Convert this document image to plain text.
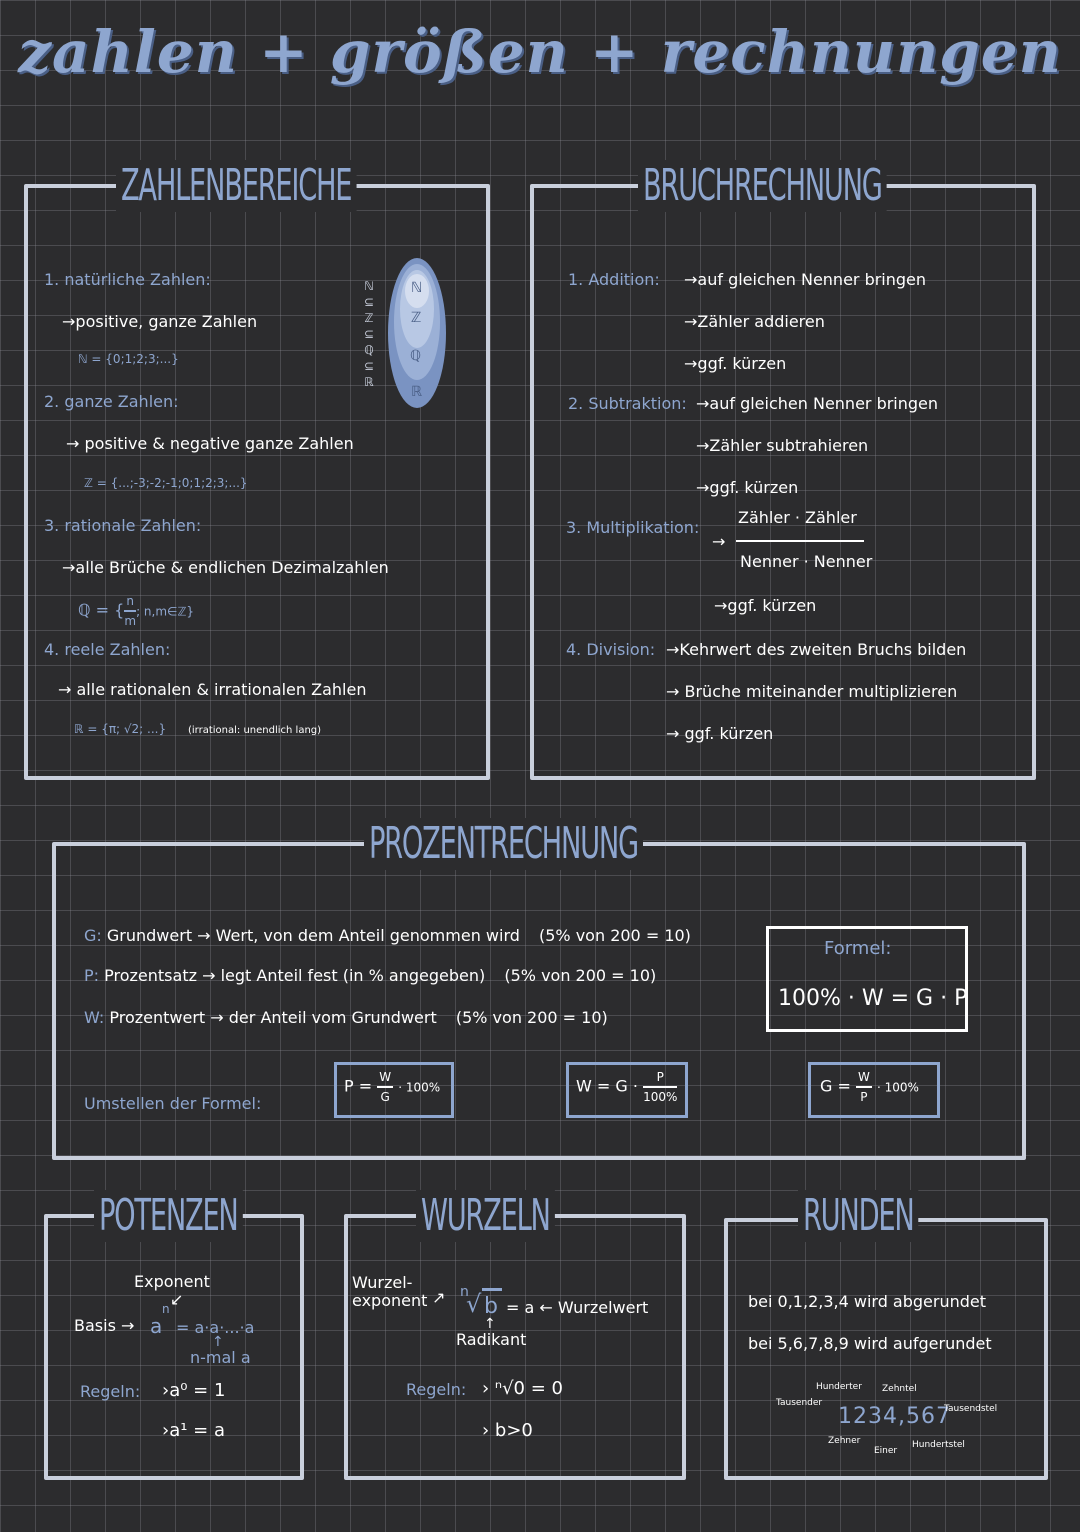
zahlen + größen + rechnungen
ZAHLENBEREICHE
1. natürliche Zahlen:
→positive, ganze Zahlen
ℕ = {0;1;2;3;...}
2. ganze Zahlen:
→ positive & negative ganze Zahlen
ℤ = {...;-3;-2;-1;0;1;2;3;...}
3. rationale Zahlen:
→alle Brüche & endlichen Dezimalzahlen
ℚ = { $\frac{n}{m}$ ; n,m∈ℤ}
4. reele Zahlen:
→ alle rationalen & irrationalen Zahlen
ℝ = {π; √2; ...} (irrational: unendlich lang)
ℕ
⊆
ℤ
⊆
ℚ
⊆
ℝ
ℕ
ℤ
ℚ
ℝ
BRUCHRECHNUNG
1. Addition: →auf gleichen Nenner bringen
→Zähler addieren
→ggf. kürzen
2. Subtraktion: →auf gleichen Nenner bringen
→Zähler subtrahieren
→ggf. kürzen
3. Multiplikation:
→
Zähler · Zähler
Nenner · Nenner
→ggf. kürzen
4. Division: →Kehrwert des zweiten Bruchs bilden
→ Brüche miteinander multiplizieren
→ ggf. kürzen
PROZENTRECHNUNG
G: Grundwert → Wert, von dem Anteil genommen wird (5% von 200 = 10)
P: Prozentsatz → legt Anteil fest (in % angegeben) (5% von 200 = 10)
W: Prozentwert → der Anteil vom Grundwert (5% von 200 = 10)
Formel:
100% · W = G · P
Umstellen der Formel:
$P = \frac{W}{G} \cdot 100\%$	$W = G \cdot \frac{P}{100\%}$	$G = \frac{W}{P} \cdot 100\%$
POTENZEN
Exponent
↙
Basis → a
n
= a·a·...·a
↑
n-mal a
Regeln: ›a⁰ = 1
›a¹ = a
WURZELN
Wurzel-
exponent ↗ n
√ b = a ← Wurzelwert
↑
Radikant
Regeln: › ⁿ√0 = 0
› b>0
RUNDEN
bei 0,1,2,3,4 wird abgerundet
bei 5,6,7,8,9 wird aufgerundet
1234,567
Hunderter
Tausender
Zehner
Einer
Zehntel
Hundertstel
Tausendstel
